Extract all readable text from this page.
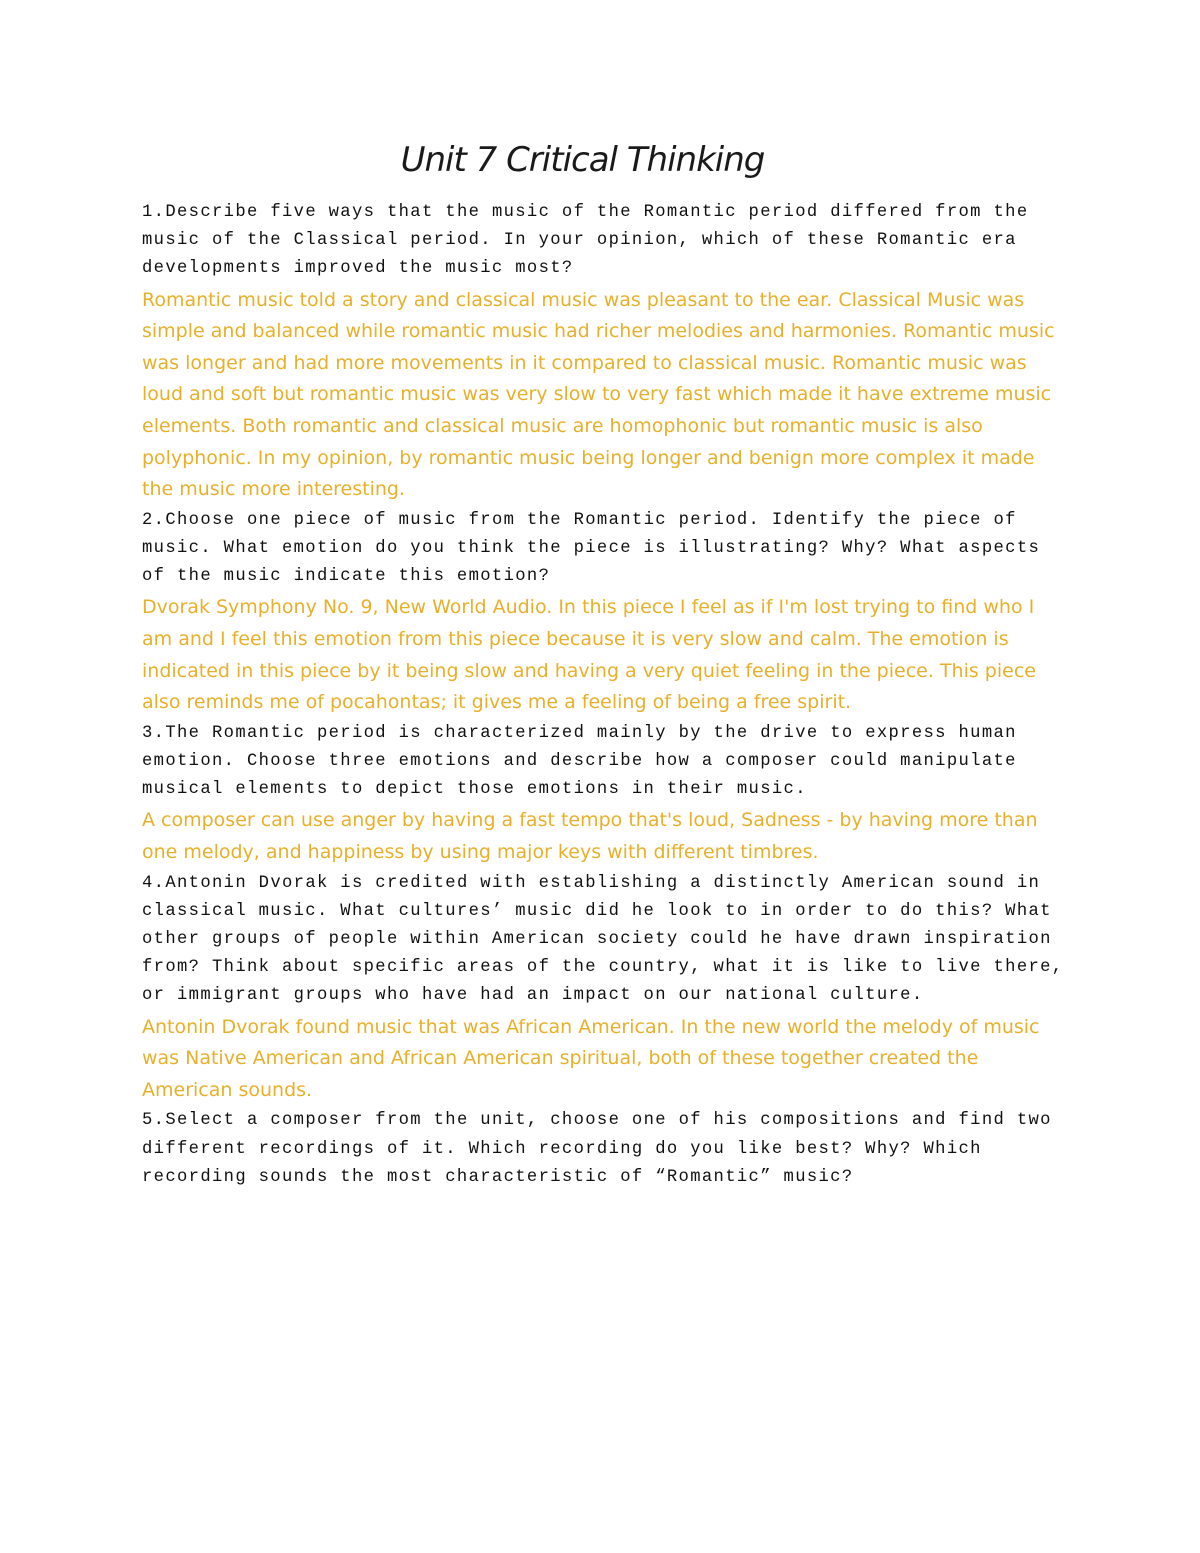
Unit 7 Critical Thinking

1.Describe five ways that the music of the Romantic period differed from the music of the Classical period. In your opinion, which of these Romantic era developments improved the music most?

Romantic music told a story and classical music was pleasant to the ear. Classical Music was simple and balanced while romantic music had richer melodies and harmonies. Romantic music was longer and had more movements in it compared to classical music. Romantic music was loud and soft but romantic music was very slow to very fast which made it have extreme music elements. Both romantic and classical music are homophonic but romantic music is also polyphonic. In my opinion, by romantic music being longer and benign more complex it made the music more interesting.

2.Choose one piece of music from the Romantic period. Identify the piece of music. What emotion do you think the piece is illustrating? Why? What aspects of the music indicate this emotion?

Dvorak Symphony No. 9, New World Audio. In this piece I feel as if I'm lost trying to find who I am and I feel this emotion from this piece because it is very slow and calm. The emotion is indicated in this piece by it being slow and having a very quiet feeling in the piece. This piece also reminds me of pocahontas; it gives me a feeling of being a free spirit.

3.The Romantic period is characterized mainly by the drive to express human emotion. Choose three emotions and describe how a composer could manipulate musical elements to depict those emotions in their music.

A composer can use anger by having a fast tempo that's loud, Sadness - by having more than one melody, and happiness by using major keys with different timbres.

4.Antonin Dvorak is credited with establishing a distinctly American sound in classical music. What cultures’ music did he look to in order to do this? What other groups of people within American society could he have drawn inspiration from? Think about specific areas of the country, what it is like to live there, or immigrant groups who have had an impact on our national culture.

Antonin Dvorak found music that was African American. In the new world the melody of music was Native American and African American spiritual, both of these together created the American sounds.

5.Select a composer from the unit, choose one of his compositions and find two different recordings of it. Which recording do you like best? Why? Which recording sounds the most characteristic of “Romantic” music?
